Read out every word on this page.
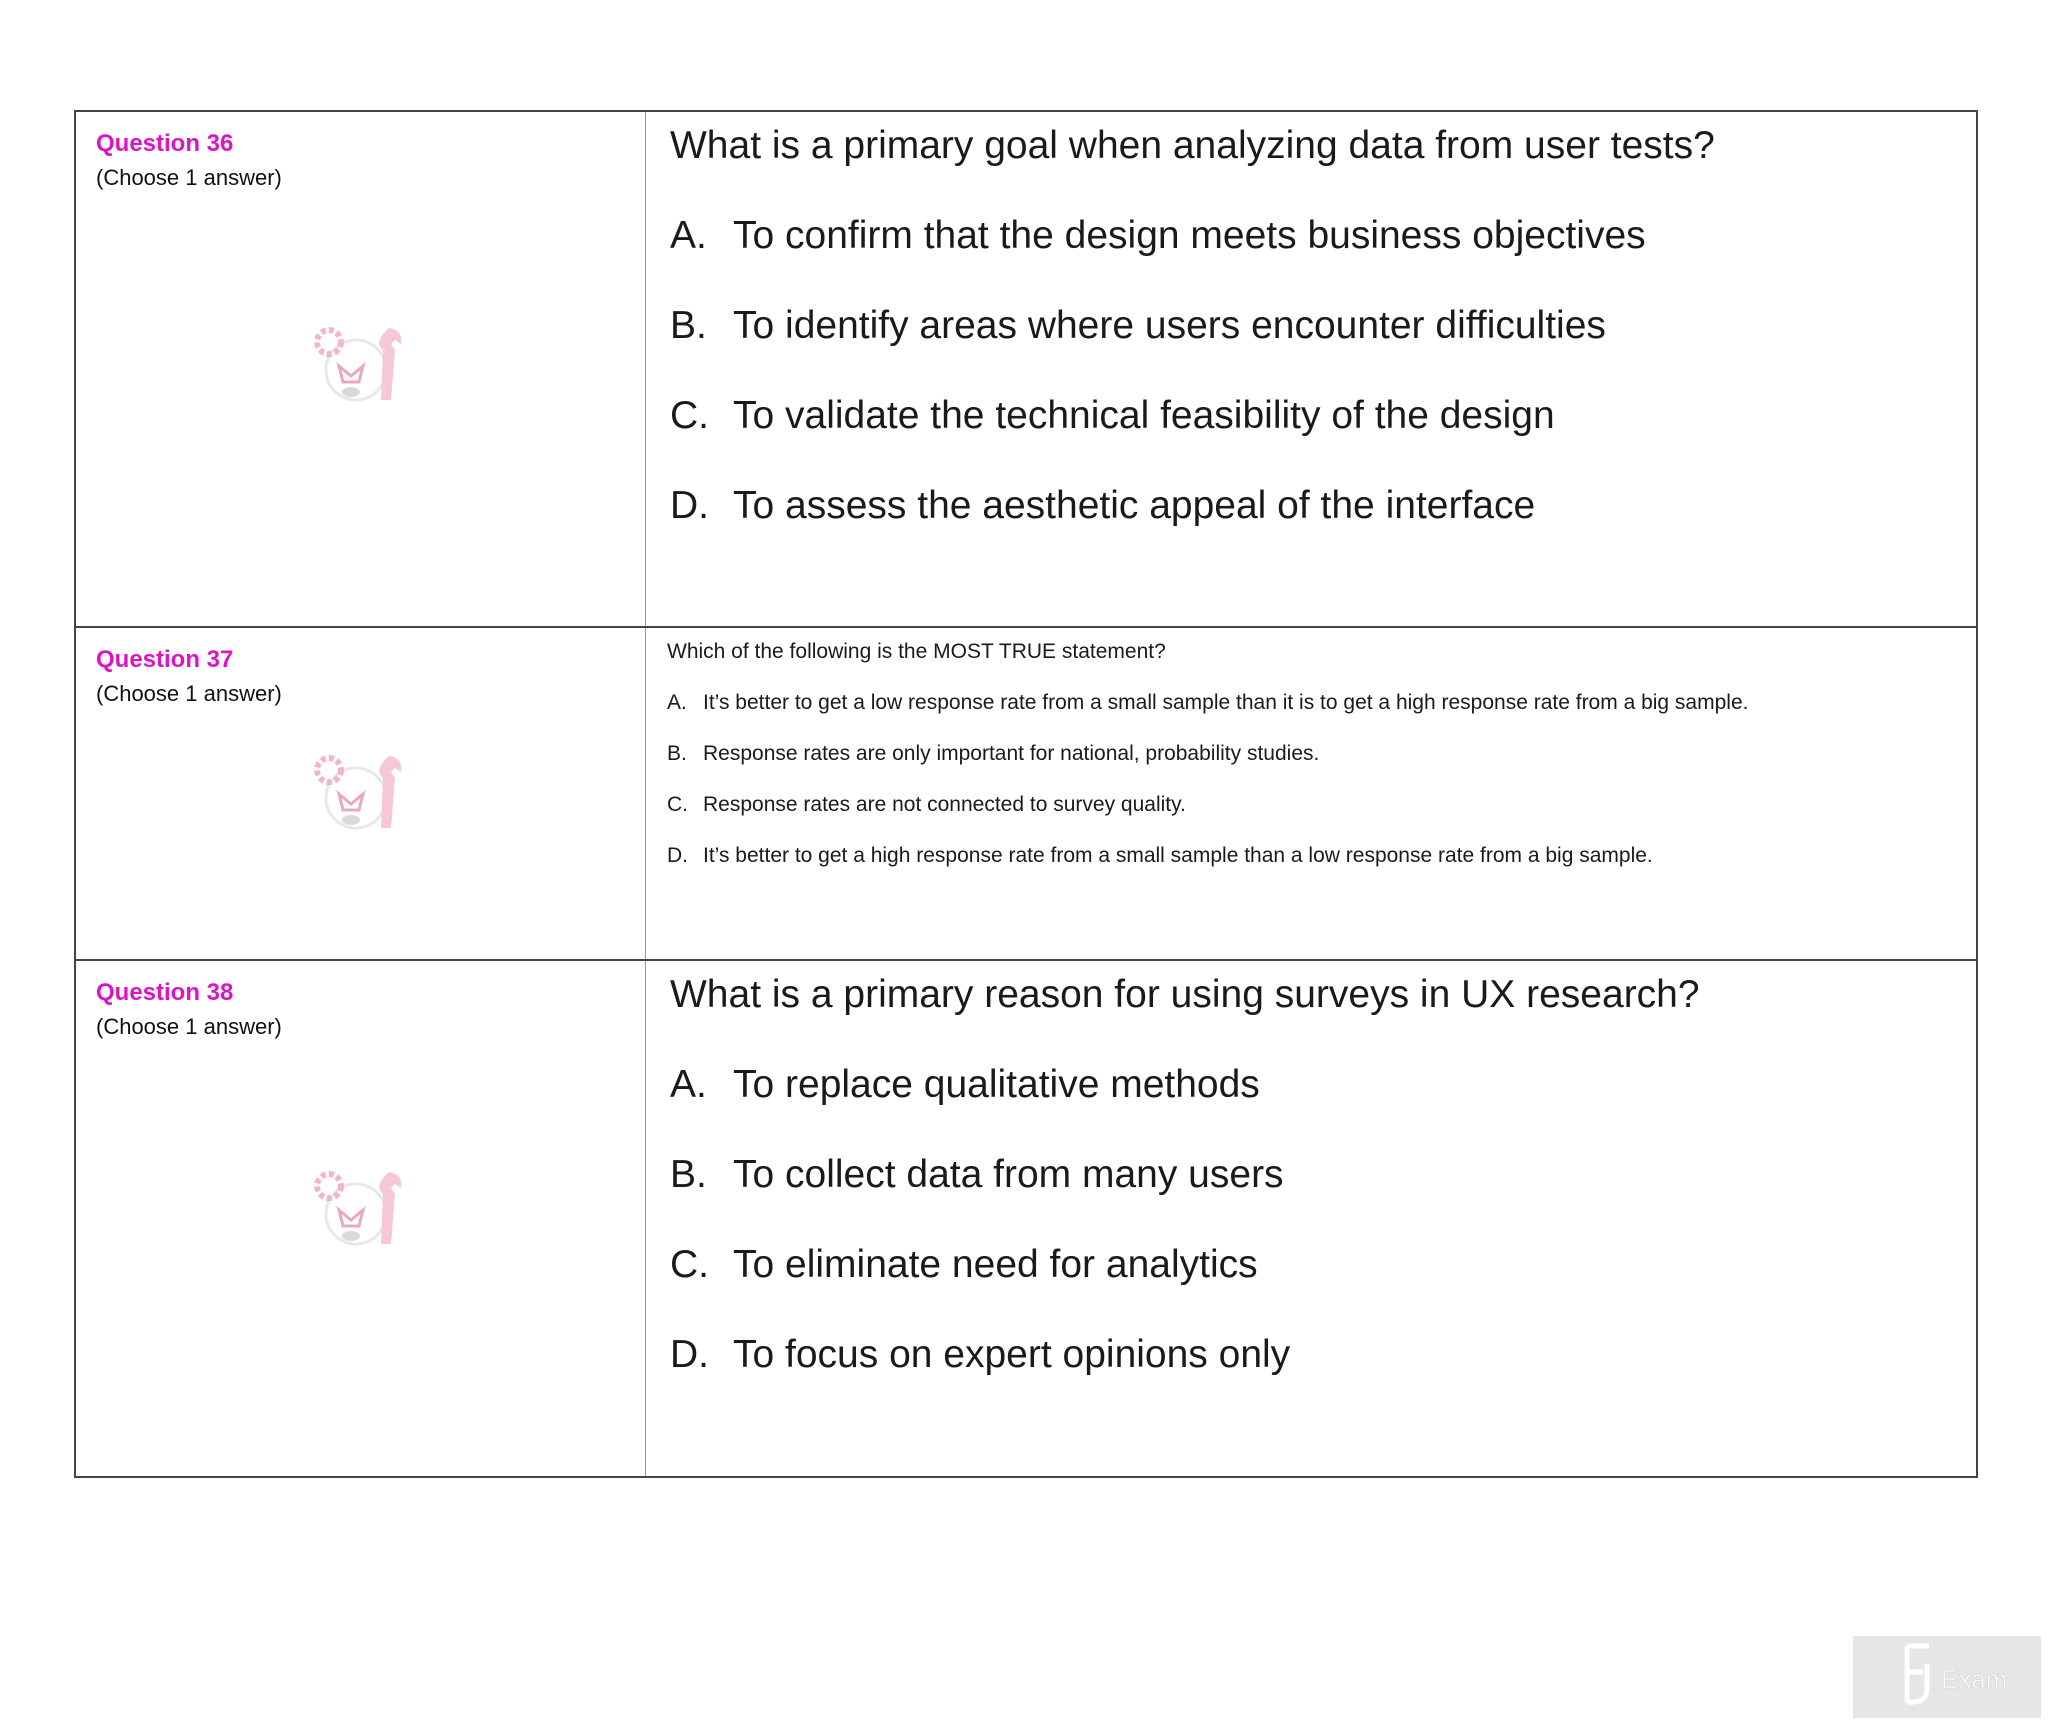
Question 36
(Choose 1 answer)
What is a primary goal when analyzing data from user tests?
A. To confirm that the design meets business objectives
B. To identify areas where users encounter difficulties
C. To validate the technical feasibility of the design
D. To assess the aesthetic appeal of the interface
Question 37
(Choose 1 answer)
Which of the following is the MOST TRUE statement?
A. It’s better to get a low response rate from a small sample than it is to get a high response rate from a big sample.
B. Response rates are only important for national, probability studies.
C. Response rates are not connected to survey quality.
D. It’s better to get a high response rate from a small sample than a low response rate from a big sample.
Question 38
(Choose 1 answer)
What is a primary reason for using surveys in UX research?
A. To replace qualitative methods
B. To collect data from many users
C. To eliminate need for analytics
D. To focus on expert opinions only
Exam
